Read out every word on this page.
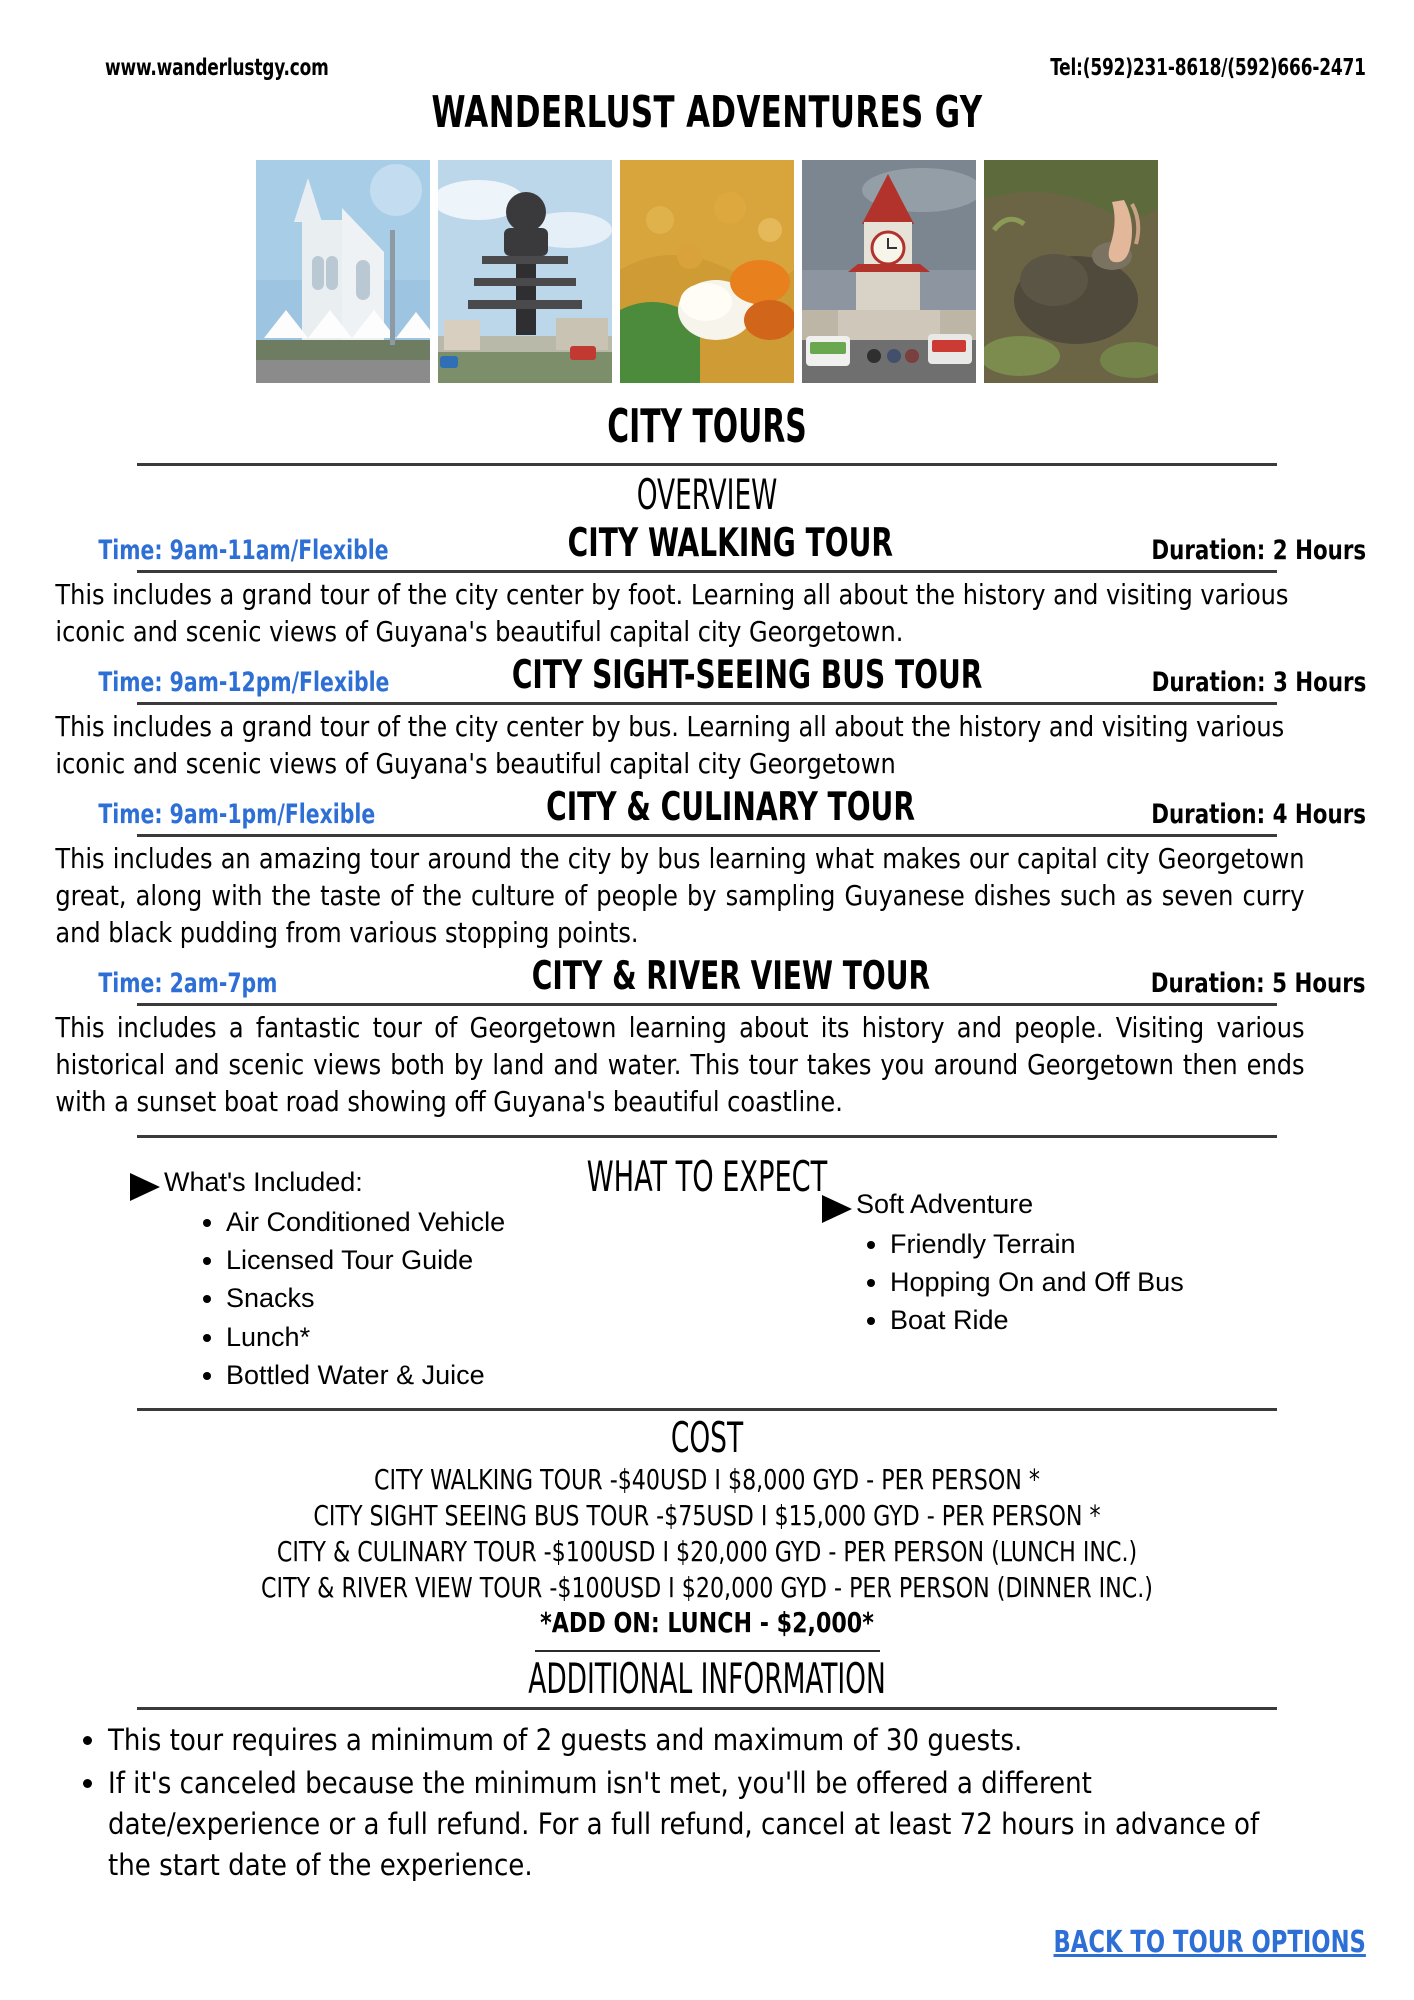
www.wanderlustgy.com	Tel:(592)231-8618/(592)666-2471
WANDERLUST ADVENTURES GY
CITY TOURS
OVERVIEW
Time: 9am-11am/Flexible	CITY WALKING TOUR	Duration: 2 Hours
This includes a grand tour of the city center by foot. Learning all about the history and visiting various iconic and scenic views of Guyana's beautiful capital city Georgetown.
Time: 9am-12pm/Flexible	CITY SIGHT-SEEING BUS TOUR	Duration: 3 Hours
This includes a grand tour of the city center by bus. Learning all about the history and visiting various iconic and scenic views of Guyana's beautiful capital city Georgetown
Time: 9am-1pm/Flexible	CITY & CULINARY TOUR	Duration: 4 Hours
This includes an amazing tour around the city by bus learning what makes our capital city Georgetown great, along with the taste of the culture of people by sampling Guyanese dishes such as seven curry and black pudding from various stopping points.
Time: 2am-7pm	CITY & RIVER VIEW TOUR	Duration: 5 Hours
This includes a fantastic tour of Georgetown learning about its history and people. Visiting various historical and scenic views both by land and water. This tour takes you around Georgetown then ends with a sunset boat road showing off Guyana's beautiful coastline.
WHAT TO EXPECT
What's Included:
• Air Conditioned Vehicle
• Licensed Tour Guide
• Snacks
• Lunch*
• Bottled Water & Juice
Soft Adventure
• Friendly Terrain
• Hopping On and Off Bus
• Boat Ride
COST
CITY WALKING TOUR -$40USD I $8,000 GYD - PER PERSON *
CITY SIGHT SEEING BUS TOUR -$75USD I $15,000 GYD - PER PERSON *
CITY & CULINARY TOUR -$100USD I $20,000 GYD - PER PERSON (LUNCH INC.)
CITY & RIVER VIEW TOUR -$100USD I $20,000 GYD - PER PERSON (DINNER INC.)
*ADD ON: LUNCH - $2,000*
ADDITIONAL INFORMATION
• This tour requires a minimum of 2 guests and maximum of 30 guests.
• If it's canceled because the minimum isn't met, you'll be offered a different date/experience or a full refund. For a full refund, cancel at least 72 hours in advance of the start date of the experience.
BACK TO TOUR OPTIONS
